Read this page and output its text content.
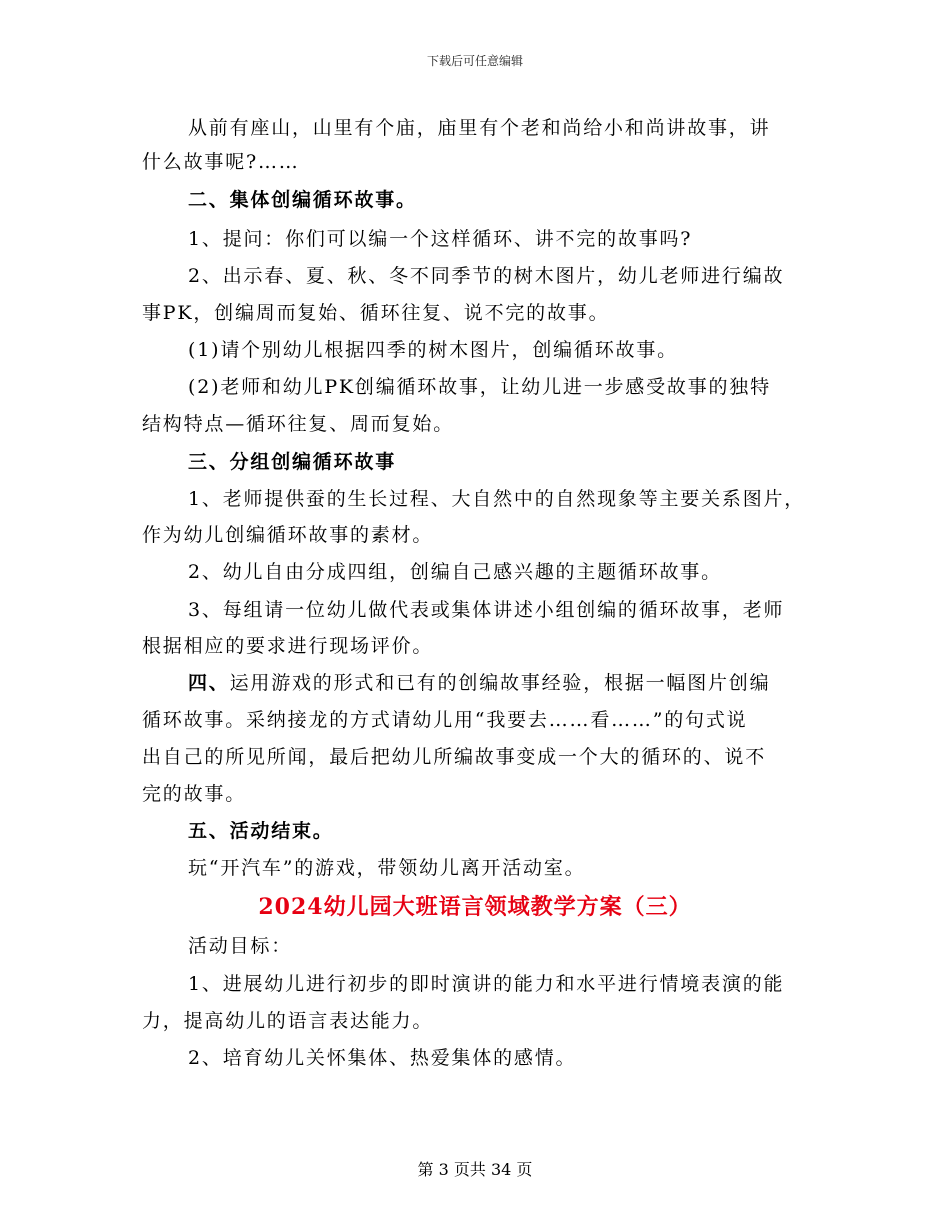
下载后可任意编辑
从前有座山，山里有个庙，庙里有个老和尚给小和尚讲故事，讲
什么故事呢?……
二、集体创编循环故事。
1、提问：你们可以编一个这样循环、讲不完的故事吗?
2、出示春、夏、秋、冬不同季节的树木图片，幼儿老师进行编故
事PK，创编周而复始、循环往复、说不完的故事。
(1)请个别幼儿根据四季的树木图片，创编循环故事。
(2)老师和幼儿PK创编循环故事，让幼儿进一步感受故事的独特
结构特点—循环往复、周而复始。
三、分组创编循环故事
1、老师提供蚕的生长过程、大自然中的自然现象等主要关系图片，
作为幼儿创编循环故事的素材。
2、幼儿自由分成四组，创编自己感兴趣的主题循环故事。
3、每组请一位幼儿做代表或集体讲述小组创编的循环故事，老师
根据相应的要求进行现场评价。
四、运用游戏的形式和已有的创编故事经验，根据一幅图片创编
循环故事。采纳接龙的方式请幼儿用“我要去……看……”的句式说
出自己的所见所闻，最后把幼儿所编故事变成一个大的循环的、说不
完的故事。
五、活动结束。
玩“开汽车”的游戏，带领幼儿离开活动室。
2024幼儿园大班语言领域教学方案（三）
活动目标：
1、进展幼儿进行初步的即时演讲的能力和水平进行情境表演的能
力，提高幼儿的语言表达能力。
2、培育幼儿关怀集体、热爱集体的感情。
第 3 页共 34 页
